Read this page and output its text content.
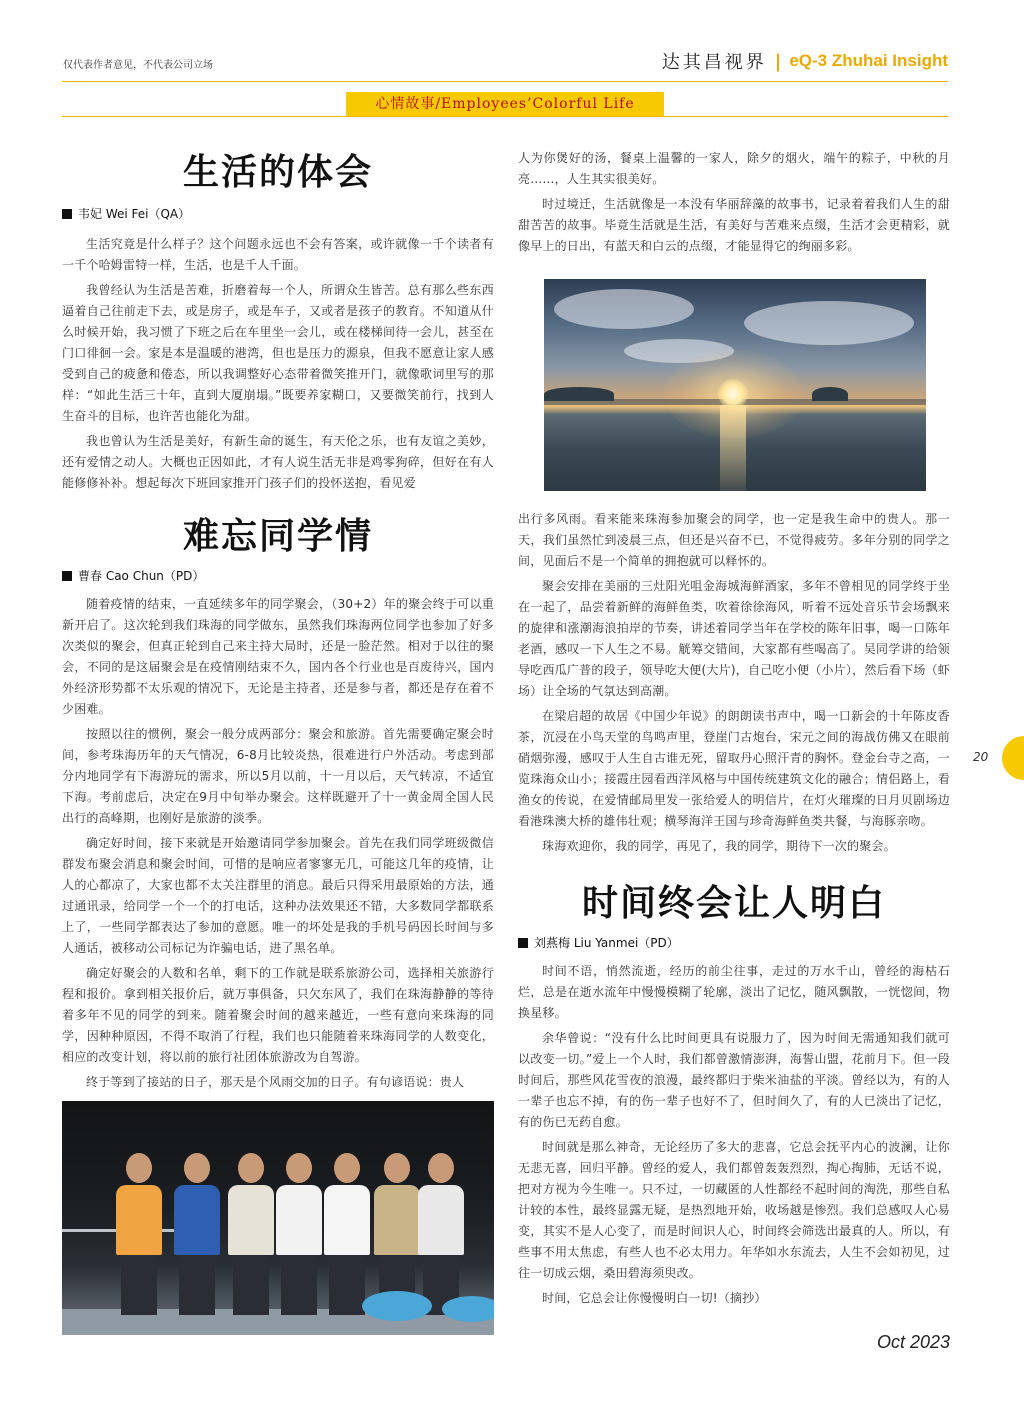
仅代表作者意见，不代表公司立场	达其昌视界 | eQ-3 Zhuhai Insight
心情故事/Employees’Colorful Life
生活的体会
韦妃 Wei Fei（QA）

生活究竟是什么样子？这个问题永远也不会有答案，或许就像一千个读者有一千个哈姆雷特一样，生活，也是千人千面。

我曾经认为生活是苦难，折磨着每一个人，所谓众生皆苦。总有那么些东西逼着自己往前走下去，或是房子，或是车子，又或者是孩子的教育。不知道从什么时候开始，我习惯了下班之后在车里坐一会儿，或在楼梯间待一会儿，甚至在门口徘徊一会。家是本是温暖的港湾，但也是压力的源泉，但我不愿意让家人感受到自己的疲惫和倦态，所以我调整好心态带着微笑推开门，就像歌词里写的那样：“如此生活三十年，直到大厦崩塌。”既要养家糊口，又要微笑前行，找到人生奋斗的目标，也许苦也能化为甜。

我也曾认为生活是美好，有新生命的诞生，有天伦之乐，也有友谊之美妙，还有爱情之动人。大概也正因如此，才有人说生活无非是鸡零狗碎，但好在有人能修修补补。想起每次下班回家推开门孩子们的投怀送抱，看见爱

难忘同学情
曹春 Cao Chun（PD）

随着疫情的结束，一直延续多年的同学聚会，（30+2）年的聚会终于可以重新开启了。这次轮到我们珠海的同学做东，虽然我们珠海两位同学也参加了好多次类似的聚会，但真正轮到自己来主持大局时，还是一脸茫然。相对于以往的聚会，不同的是这届聚会是在疫情刚结束不久，国内各个行业也是百废待兴，国内外经济形势都不太乐观的情况下，无论是主持者，还是参与者，都还是存在着不少困难。

按照以往的惯例，聚会一般分成两部分：聚会和旅游。首先需要确定聚会时间，参考珠海历年的天气情况，6-8月比较炎热，很难进行户外活动。考虑到部分内地同学有下海游玩的需求，所以5月以前，十一月以后，天气转凉，不适宜下海。考前虑后，决定在9月中旬举办聚会。这样既避开了十一黄金周全国人民出行的高峰期，也刚好是旅游的淡季。

确定好时间，接下来就是开始邀请同学参加聚会。首先在我们同学班级微信群发布聚会消息和聚会时间，可惜的是响应者寥寥无几，可能这几年的疫情，让人的心都凉了，大家也都不太关注群里的消息。最后只得采用最原始的方法，通过通讯录，给同学一个一个的打电话，这种办法效果还不错，大多数同学都联系上了，一些同学都表达了参加的意愿。唯一的坏处是我的手机号码因长时间与多人通话，被移动公司标记为诈骗电话，进了黑名单。

确定好聚会的人数和名单，剩下的工作就是联系旅游公司，选择相关旅游行程和报价。拿到相关报价后，就万事俱备，只欠东风了，我们在珠海静静的等待着多年不见的同学的到来。随着聚会时间的越来越近，一些有意向来珠海的同学，因种种原因，不得不取消了行程，我们也只能随着来珠海同学的人数变化，相应的改变计划，将以前的旅行社团体旅游改为自驾游。

终于等到了接站的日子，那天是个风雨交加的日子。有句谚语说：贵人

人为你煲好的汤，餐桌上温馨的一家人，除夕的烟火，端午的粽子，中秋的月亮……，人生其实很美好。

时过境迁，生活就像是一本没有华丽辞藻的故事书，记录着着我们人生的甜甜苦苦的故事。毕竟生活就是生活，有美好与苦难来点缀，生活才会更精彩，就像早上的日出，有蓝天和白云的点缀，才能显得它的绚丽多彩。

出行多风雨。看来能来珠海参加聚会的同学，也一定是我生命中的贵人。那一天，我们虽然忙到凌晨三点，但还是兴奋不已，不觉得疲劳。多年分别的同学之间，见面后不是一个简单的拥抱就可以释怀的。

聚会安排在美丽的三灶阳光咀金海城海鲜酒家，多年不曾相见的同学终于坐在一起了，品尝着新鲜的海鲜鱼类，吹着徐徐海风，听着不远处音乐节会场飘来的旋律和涨潮海浪拍岸的节奏，讲述着同学当年在学校的陈年旧事，喝一口陈年老酒，感叹一下人生之不易。觥筹交错间，大家都有些喝高了。吴同学讲的给领导吃西瓜广普的段子，领导吃大便(大片)，自己吃小便（小片），然后看下场（虾场）让全场的气氛达到高潮。

在梁启超的故居《中国少年说》的朗朗读书声中，喝一口新会的十年陈皮香茶，沉浸在小鸟天堂的鸟鸣声里，登崖门古炮台，宋元之间的海战仿佛又在眼前硝烟弥漫，感叹于人生自古谁无死，留取丹心照汗青的胸怀。登金台寺之高，一览珠海众山小；接霞庄园看西洋风格与中国传统建筑文化的融合；情侣路上，看渔女的传说，在爱情邮局里发一张给爱人的明信片，在灯火璀璨的日月贝剧场边看港珠澳大桥的雄伟壮观；横琴海洋王国与珍奇海鲜鱼类共餐，与海豚亲吻。

珠海欢迎你，我的同学，再见了，我的同学，期待下一次的聚会。

时间终会让人明白
刘燕梅 Liu Yanmei（PD）

时间不语，悄然流逝，经历的前尘往事，走过的万水千山，曾经的海枯石烂，总是在逝水流年中慢慢模糊了轮廓，淡出了记忆，随风飘散，一恍惚间，物换星移。

余华曾说：“没有什么比时间更具有说服力了，因为时间无需通知我们就可以改变一切。”爱上一个人时，我们都曾激情澎湃，海誓山盟，花前月下。但一段时间后，那些风花雪夜的浪漫，最终都归于柴米油盐的平淡。曾经以为，有的人一辈子也忘不掉，有的伤一辈子也好不了，但时间久了，有的人已淡出了记忆，有的伤已无药自愈。

时间就是那么神奇，无论经历了多大的悲喜，它总会抚平内心的波澜，让你无悲无喜，回归平静。曾经的爱人，我们都曾轰轰烈烈，掏心掏肺，无话不说，把对方视为今生唯一。只不过，一切藏匿的人性都经不起时间的淘洗，那些自私计较的本性，最终显露无疑，是热烈地开始，收场越是惨烈。我们总感叹人心易变，其实不是人心变了，而是时间识人心，时间终会筛选出最真的人。所以，有些事不用太焦虑，有些人也不必太用力。年华如水东流去，人生不会如初见，过往一切成云烟，桑田碧海须臾改。

时间，它总会让你慢慢明白一切!（摘抄）

20
Oct 2023
